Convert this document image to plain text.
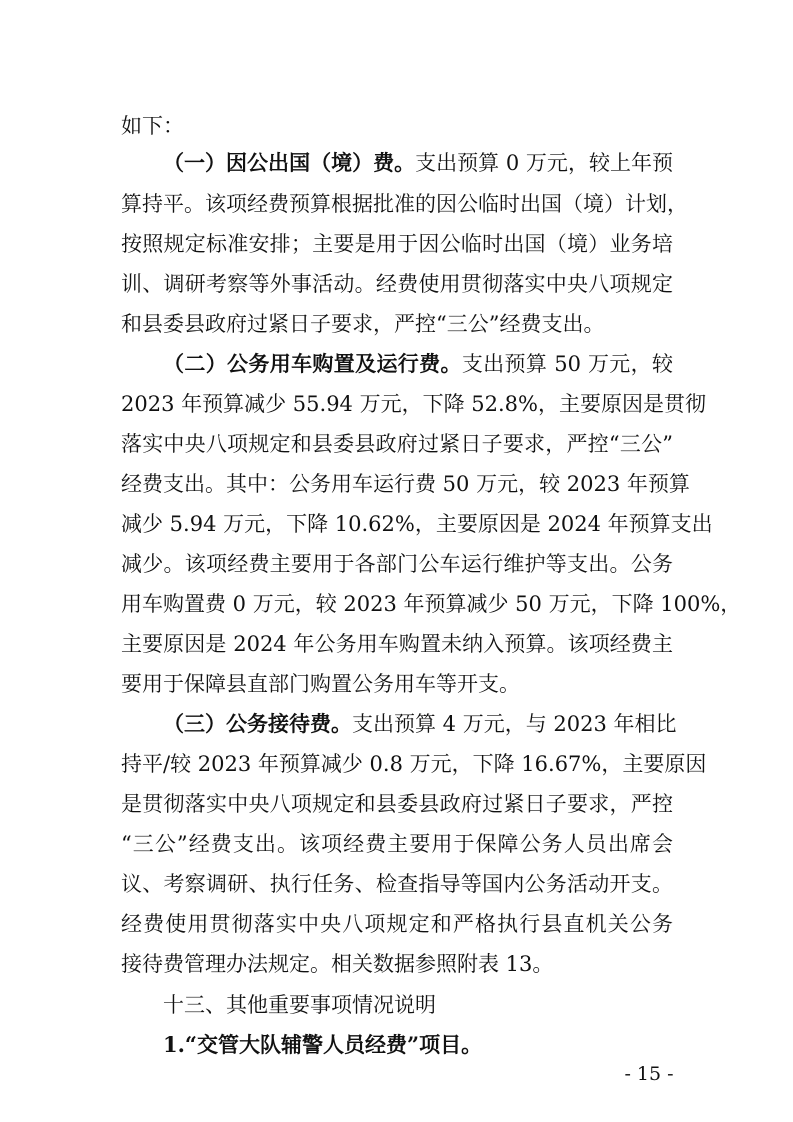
如下：
（一）因公出国（境）费。支出预算 0 万元，较上年预
算持平。该项经费预算根据批准的因公临时出国（境）计划，
按照规定标准安排；主要是用于因公临时出国（境）业务培
训、调研考察等外事活动。经费使用贯彻落实中央八项规定
和县委县政府过紧日子要求，严控“三公”经费支出。
（二）公务用车购置及运行费。支出预算 50 万元，较
2023 年预算减少 55.94 万元，下降 52.8%，主要原因是贯彻
落实中央八项规定和县委县政府过紧日子要求，严控“三公”
经费支出。其中：公务用车运行费 50 万元，较 2023 年预算
减少 5.94 万元，下降 10.62%，主要原因是 2024 年预算支出
减少。该项经费主要用于各部门公车运行维护等支出。公务
用车购置费 0 万元，较 2023 年预算减少 50 万元，下降 100%，
主要原因是 2024 年公务用车购置未纳入预算。该项经费主
要用于保障县直部门购置公务用车等开支。
（三）公务接待费。支出预算 4 万元，与 2023 年相比
持平/较 2023 年预算减少 0.8 万元，下降 16.67%，主要原因
是贯彻落实中央八项规定和县委县政府过紧日子要求，严控
“三公”经费支出。该项经费主要用于保障公务人员出席会
议、考察调研、执行任务、检查指导等国内公务活动开支。
经费使用贯彻落实中央八项规定和严格执行县直机关公务
接待费管理办法规定。相关数据参照附表 13。
十三、其他重要事项情况说明
1.“交管大队辅警人员经费”项目。
- 15 -
